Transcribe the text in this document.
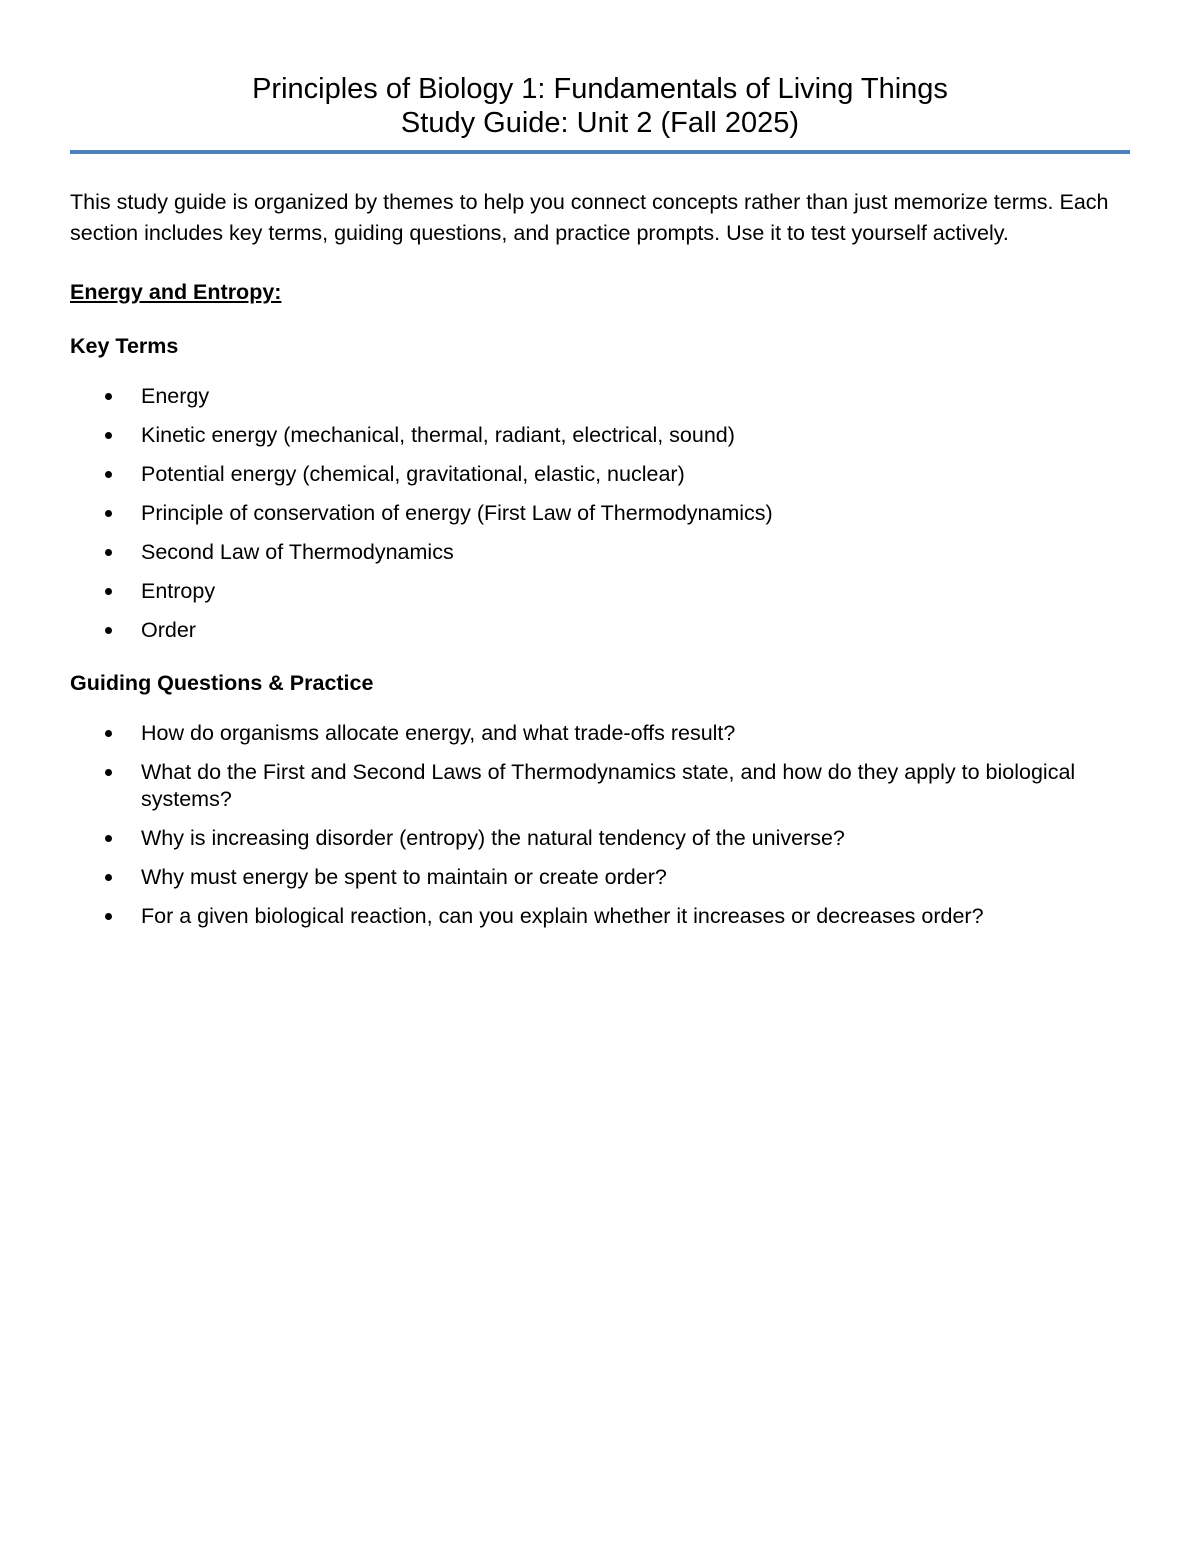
Principles of Biology 1: Fundamentals of Living Things
Study Guide: Unit 2 (Fall 2025)

This study guide is organized by themes to help you connect concepts rather than just memorize terms. Each section includes key terms, guiding questions, and practice prompts. Use it to test yourself actively.

Energy and Entropy:
Key Terms
Energy
Kinetic energy (mechanical, thermal, radiant, electrical, sound)
Potential energy (chemical, gravitational, elastic, nuclear)
Principle of conservation of energy (First Law of Thermodynamics)
Second Law of Thermodynamics
Entropy
Order
Guiding Questions & Practice
How do organisms allocate energy, and what trade-offs result?
What do the First and Second Laws of Thermodynamics state, and how do they apply to biological systems?
Why is increasing disorder (entropy) the natural tendency of the universe?
Why must energy be spent to maintain or create order?
For a given biological reaction, can you explain whether it increases or decreases order?
